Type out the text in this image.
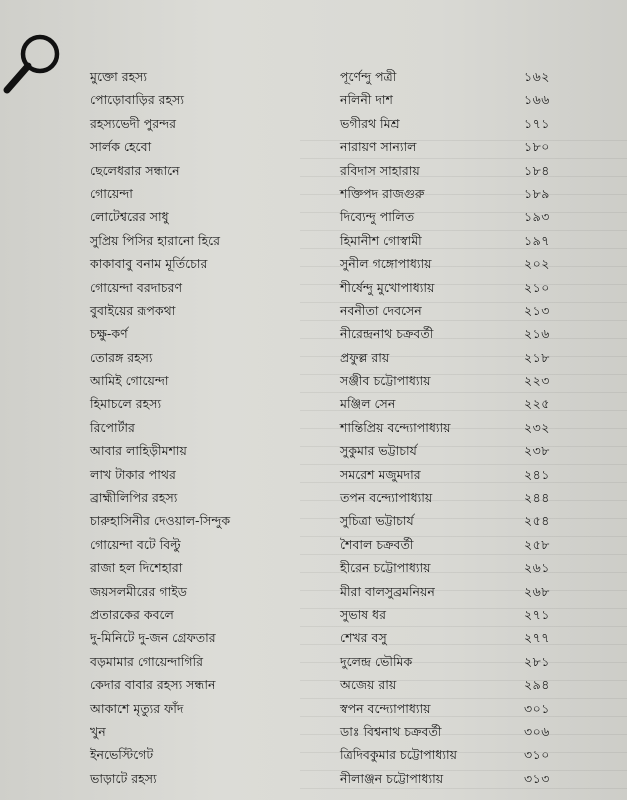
মুক্তো রহস্য	পূর্ণেন্দু পত্রী	১৬২
পোড়োবাড়ির রহস্য	নলিনী দাশ	১৬৬
রহস্যভেদী পুরন্দর	ভগীরথ মিশ্র	১৭১
সার্লক হেবো	নারায়ণ সান্যাল	১৮০
ছেলেধরার সন্ধানে	রবিদাস সাহারায়	১৮৪
গোয়েন্দা	শক্তিপদ রাজগুরু	১৮৯
লোটেশ্বরের সাধু	দিব্যেন্দু পালিত	১৯৩
সুপ্রিয় পিসির হারানো হিরে	হিমানীশ গোস্বামী	১৯৭
কাকাবাবু বনাম মূর্তিচোর	সুনীল গঙ্গোপাধ্যায়	২০২
গোয়েন্দা বরদাচরণ	শীর্ষেন্দু মুখোপাধ্যায়	২১০
বুবাইয়ের রূপকথা	নবনীতা দেবসেন	২১৩
চক্ষু-কর্ণ	নীরেন্দ্রনাথ চক্রবর্তী	২১৬
তোরঙ্গ রহস্য	প্রফুল্ল রায়	২১৮
আমিই গোয়েন্দা	সঞ্জীব চট্টোপাধ্যায়	২২৩
হিমাচলে রহস্য	মঞ্জিল সেন	২২৫
রিপোর্টার	শান্তিপ্রিয় বন্দ্যোপাধ্যায়	২৩২
আবার লাহিড়ীমশায়	সুকুমার ভট্টাচার্য	২৩৮
লাখ টাকার পাথর	সমরেশ মজুমদার	২৪১
ব্রাহ্মীলিপির রহস্য	তপন বন্দ্যোপাধ্যায়	২৪৪
চারুহাসিনীর দেওয়াল-সিন্দুক	সুচিত্রা ভট্টাচার্য	২৫৪
গোয়েন্দা বটে বিল্টু	শৈবাল চক্রবর্তী	২৫৮
রাজা হল দিশেহারা	হীরেন চট্টোপাধ্যায়	২৬১
জয়সলমীরের গাইড	মীরা বালসুব্রমনিয়ন	২৬৮
প্রতারকের কবলে	সুভাষ ধর	২৭১
দু-মিনিটে দু-জন গ্রেফতার	শেখর বসু	২৭৭
বড়মামার গোয়েন্দাগিরি	দুলেন্দ্র ভৌমিক	২৮১
কেদার বাবার রহস্য সন্ধান	অজেয় রায়	২৯৪
আকাশে মৃত্যুর ফাঁদ	স্বপন বন্দ্যোপাধ্যায়	৩০১
খুন	ডাঃ বিশ্বনাথ চক্রবর্তী	৩০৬
ইনভেস্টিগেট	ত্রিদিবকুমার চট্টোপাধ্যায়	৩১০
ভাড়াটে রহস্য	নীলাঞ্জন চট্টোপাধ্যায়	৩১৩
